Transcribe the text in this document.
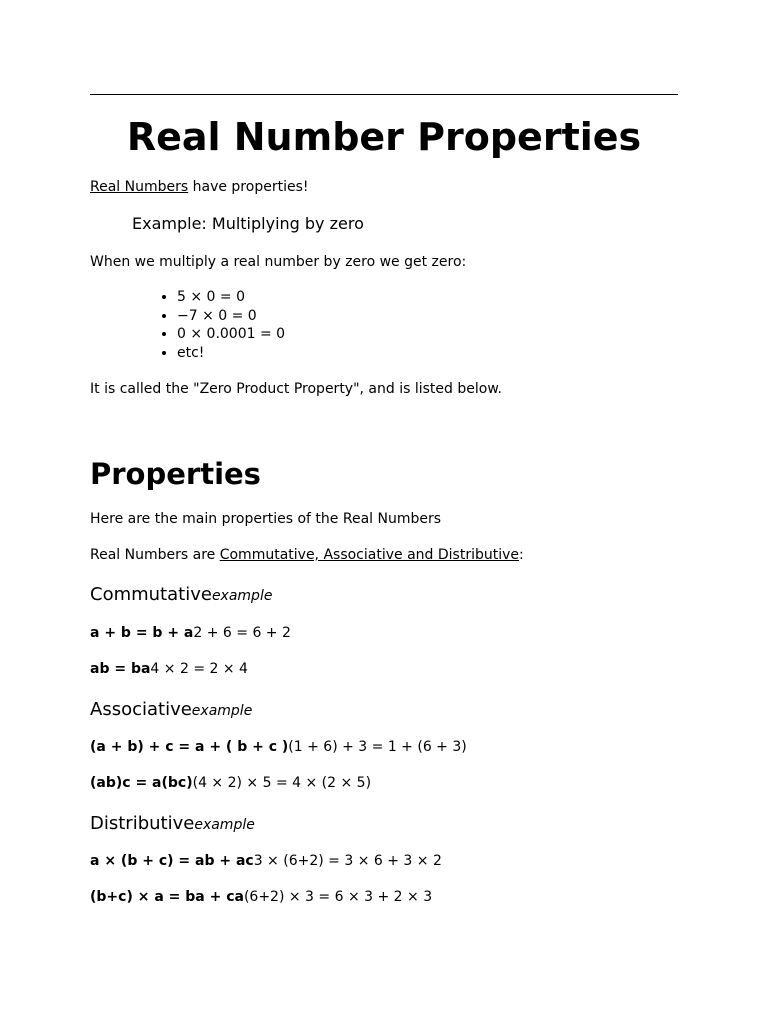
Real Number Properties

Real Numbers have properties!

Example: Multiplying by zero

When we multiply a real number by zero we get zero:

• 5 × 0 = 0
• −7 × 0 = 0
• 0 × 0.0001 = 0
• etc!

It is called the "Zero Product Property", and is listed below.

Properties

Here are the main properties of the Real Numbers

Real Numbers are Commutative, Associative and Distributive:

Commutativeexample

a + b = b + a2 + 6 = 6 + 2

ab = ba4 × 2 = 2 × 4

Associativeexample

(a + b) + c = a + ( b + c )(1 + 6) + 3 = 1 + (6 + 3)

(ab)c = a(bc)(4 × 2) × 5 = 4 × (2 × 5)

Distributiveexample

a × (b + c) = ab + ac3 × (6+2) = 3 × 6 + 3 × 2

(b+c) × a = ba + ca(6+2) × 3 = 6 × 3 + 2 × 3
